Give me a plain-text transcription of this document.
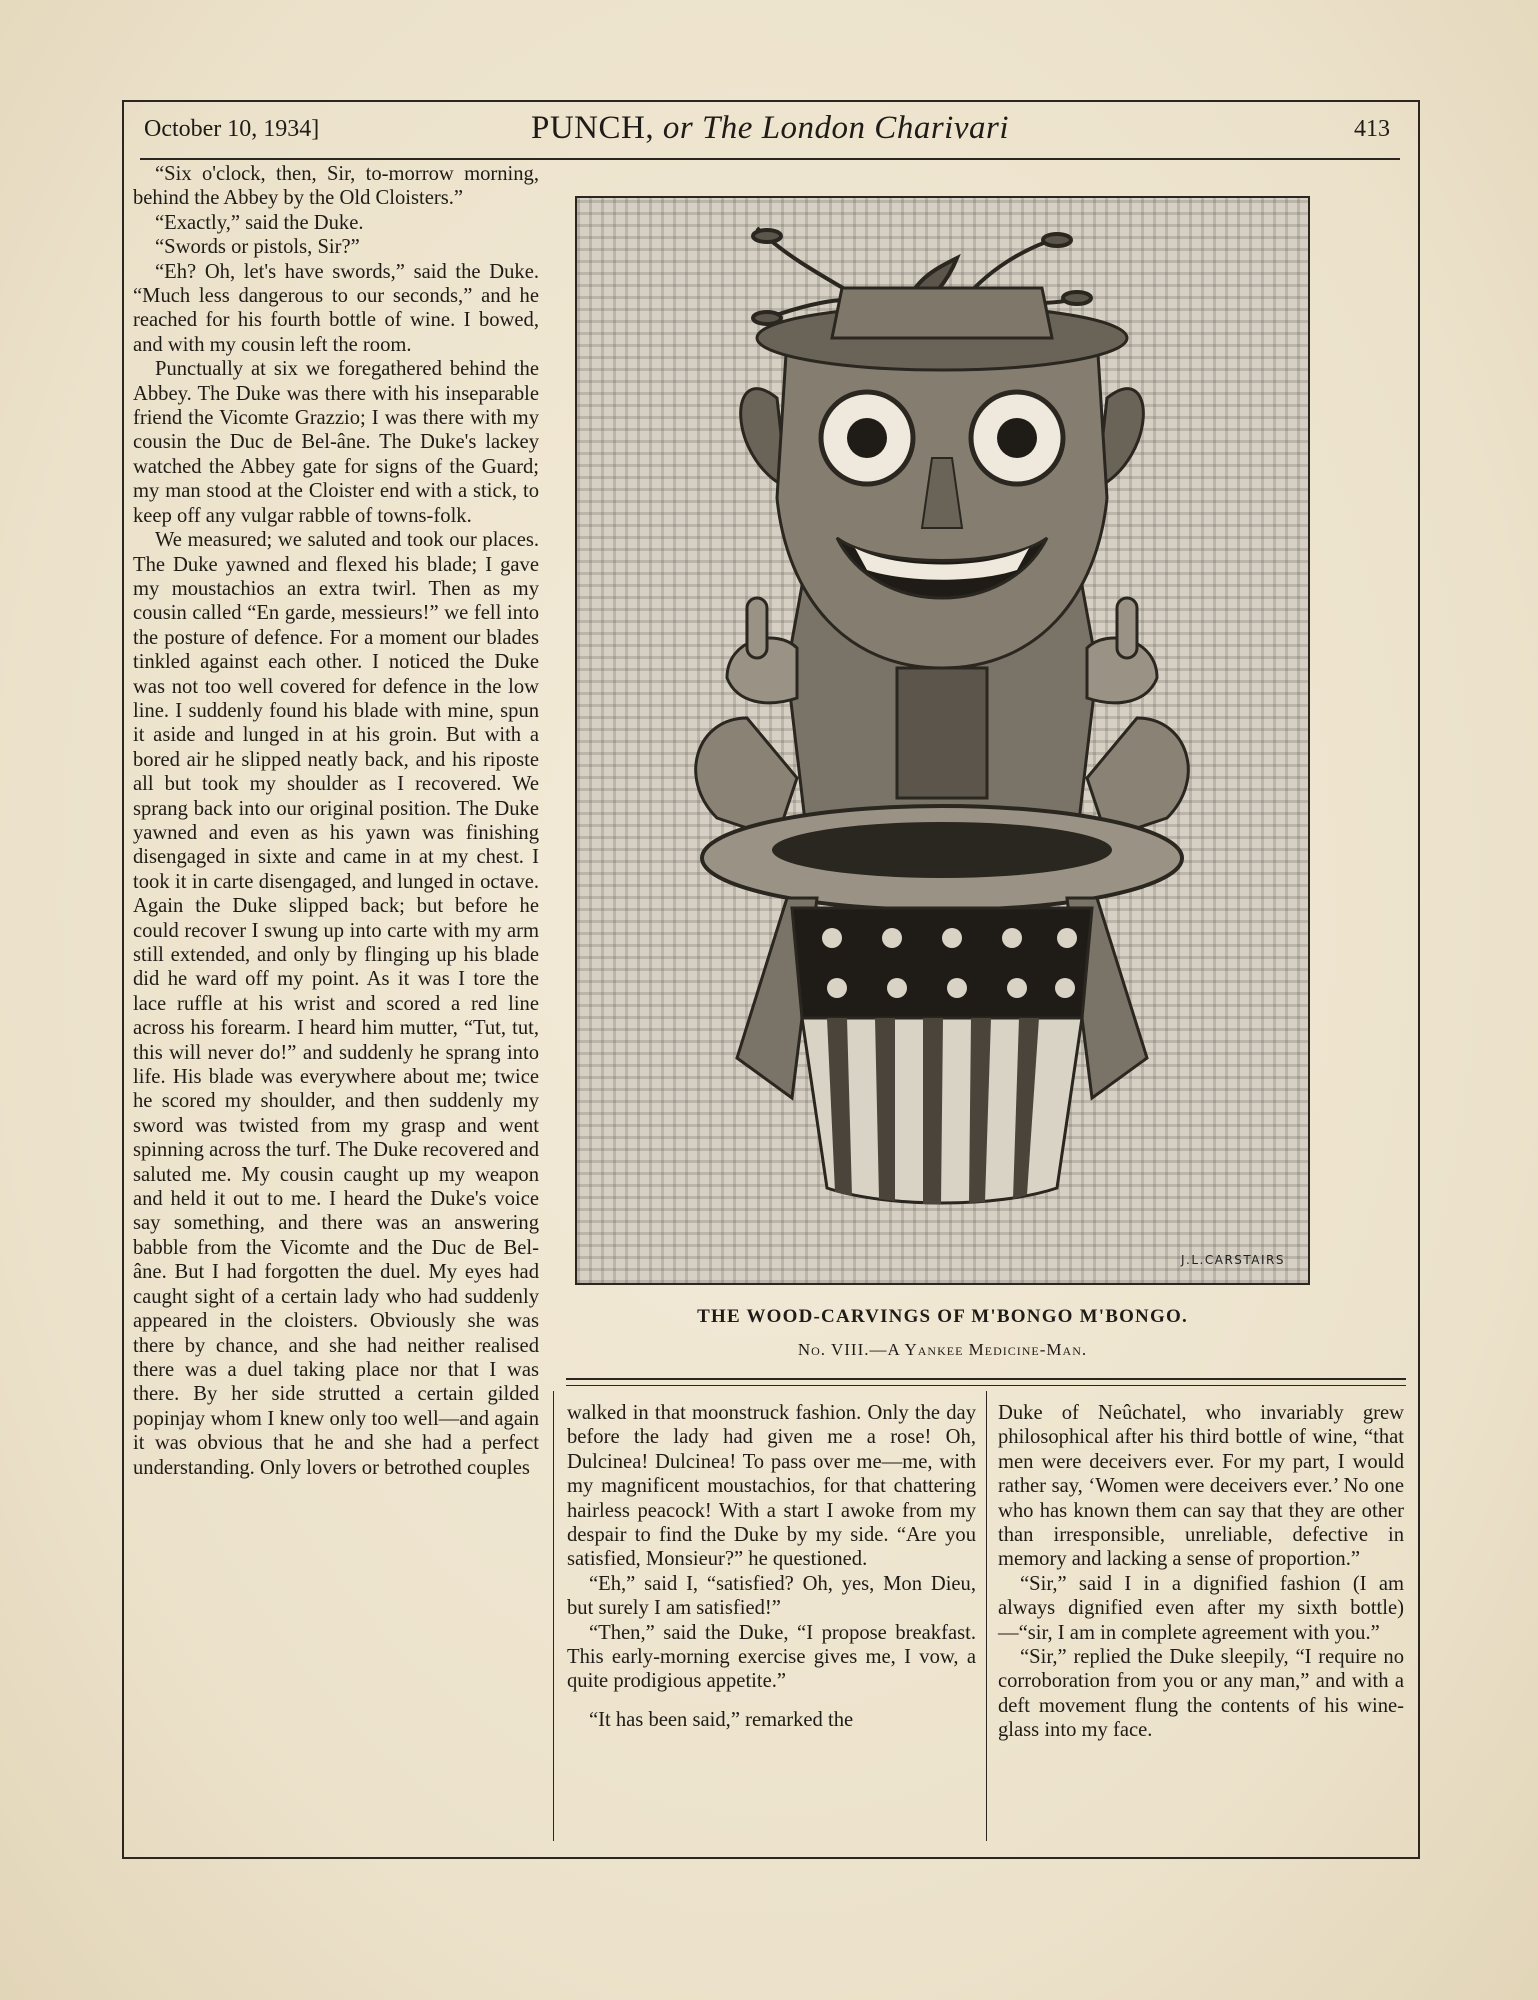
October 10, 1934]	PUNCH, or The London Charivari	413

“Six o'clock, then, Sir, to-morrow morning, behind the Abbey by the Old Cloisters.”

“Exactly,” said the Duke.

“Swords or pistols, Sir?”

“Eh? Oh, let's have swords,” said the Duke. “Much less dangerous to our seconds,” and he reached for his fourth bottle of wine. I bowed, and with my cousin left the room.

Punctually at six we foregathered behind the Abbey. The Duke was there with his inseparable friend the Vicomte Grazzio; I was there with my cousin the Duc de Bel-âne. The Duke's lackey watched the Abbey gate for signs of the Guard; my man stood at the Cloister end with a stick, to keep off any vulgar rabble of towns-folk.

We measured; we saluted and took our places. The Duke yawned and flexed his blade; I gave my moustachios an extra twirl. Then as my cousin called “En garde, messieurs!” we fell into the posture of defence. For a moment our blades tinkled against each other. I noticed the Duke was not too well covered for defence in the low line. I suddenly found his blade with mine, spun it aside and lunged in at his groin. But with a bored air he slipped neatly back, and his riposte all but took my shoulder as I recovered. We sprang back into our original position. The Duke yawned and even as his yawn was finishing disengaged in sixte and came in at my chest. I took it in carte disengaged, and lunged in octave. Again the Duke slipped back; but before he could recover I swung up into carte with my arm still extended, and only by flinging up his blade did he ward off my point. As it was I tore the lace ruffle at his wrist and scored a red line across his forearm. I heard him mutter, “Tut, tut, this will never do!” and suddenly he sprang into life. His blade was everywhere about me; twice he scored my shoulder, and then suddenly my sword was twisted from my grasp and went spinning across the turf. The Duke recovered and saluted me. My cousin caught up my weapon and held it out to me. I heard the Duke's voice say something, and there was an answering babble from the Vicomte and the Duc de Bel-âne. But I had forgotten the duel. My eyes had caught sight of a certain lady who had suddenly appeared in the cloisters. Obviously she was there by chance, and she had neither realised there was a duel taking place nor that I was there. By her side strutted a certain gilded popinjay whom I knew only too well—and again it was obvious that he and she had a perfect understanding. Only lovers or betrothed couples

J.L.CARSTAIRS
THE WOOD-CARVINGS OF M'BONGO M'BONGO.
No. VIII.—A Yankee Medicine-Man.

walked in that moonstruck fashion. Only the day before the lady had given me a rose! Oh, Dulcinea! Dulcinea! To pass over me—me, with my magnificent moustachios, for that chattering hairless peacock! With a start I awoke from my despair to find the Duke by my side. “Are you satisfied, Monsieur?” he questioned.

“Eh,” said I, “satisfied? Oh, yes, Mon Dieu, but surely I am satisfied!”

“Then,” said the Duke, “I propose breakfast. This early-morning exercise gives me, I vow, a quite prodigious appetite.”

“It has been said,” remarked the

Duke of Neûchatel, who invariably grew philosophical after his third bottle of wine, “that men were deceivers ever. For my part, I would rather say, ‘Women were deceivers ever.’ No one who has known them can say that they are other than irresponsible, unreliable, defective in memory and lacking a sense of proportion.”

“Sir,” said I in a dignified fashion (I am always dignified even after my sixth bottle)—“sir, I am in complete agreement with you.”

“Sir,” replied the Duke sleepily, “I require no corroboration from you or any man,” and with a deft movement flung the contents of his wine-glass into my face.
